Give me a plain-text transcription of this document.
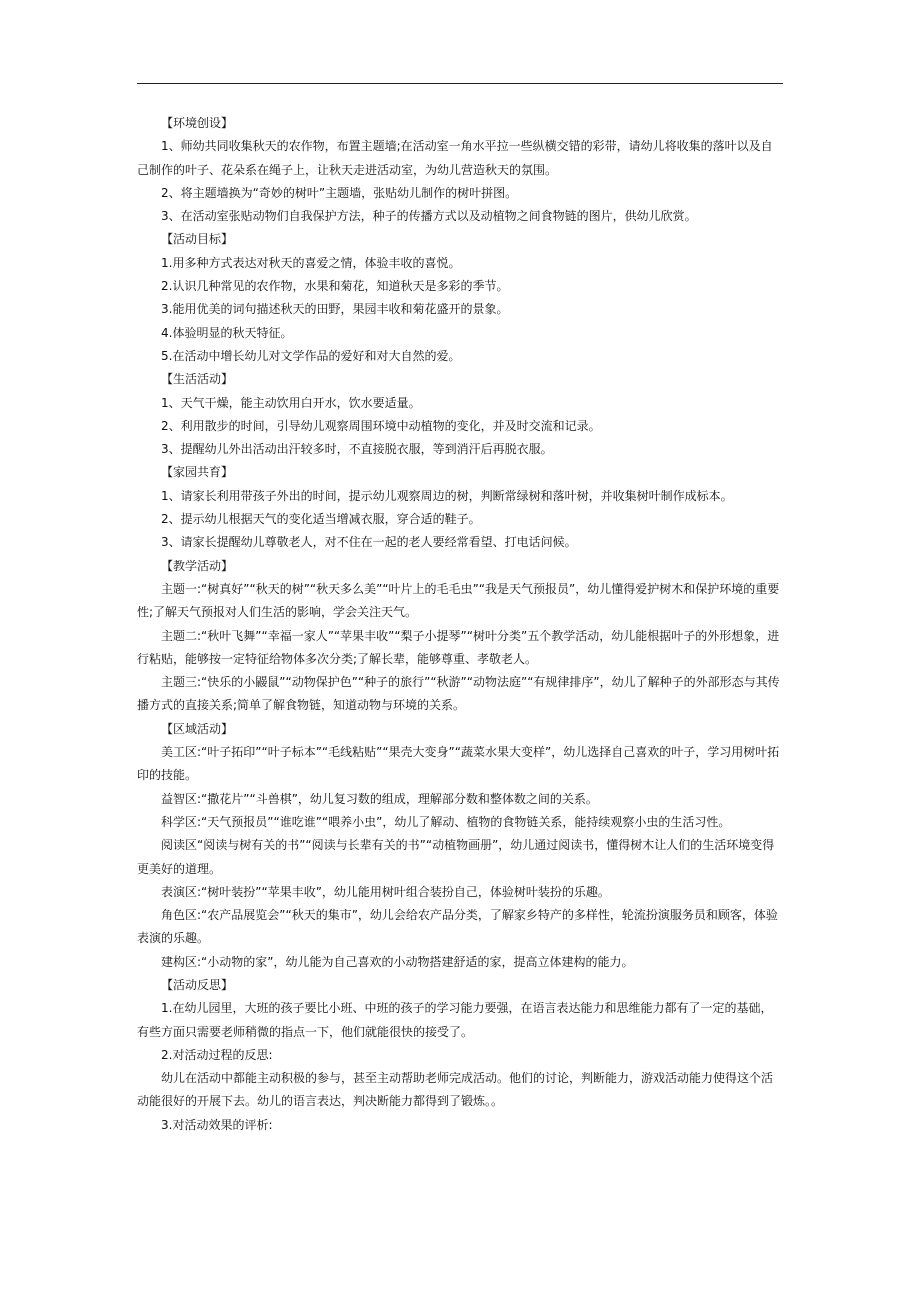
【环境创设】

1、师幼共同收集秋天的农作物，布置主题墙;在活动室一角水平拉一些纵横交错的彩带，请幼儿将收集的落叶以及自己制作的叶子、花朵系在绳子上，让秋天走进活动室，为幼儿营造秋天的氛围。

2、将主题墙换为“奇妙的树叶”主题墙，张贴幼儿制作的树叶拼图。

3、在活动室张贴动物们自我保护方法，种子的传播方式以及动植物之间食物链的图片，供幼儿欣赏。

【活动目标】

1.用多种方式表达对秋天的喜爱之情，体验丰收的喜悦。

2.认识几种常见的农作物，水果和菊花，知道秋天是多彩的季节。

3.能用优美的词句描述秋天的田野，果园丰收和菊花盛开的景象。

4.体验明显的秋天特征。

5.在活动中增长幼儿对文学作品的爱好和对大自然的爱。

【生活活动】

1、天气干燥，能主动饮用白开水，饮水要适量。

2、利用散步的时间，引导幼儿观察周围环境中动植物的变化，并及时交流和记录。

3、提醒幼儿外出活动出汗较多时，不直接脱衣服，等到消汗后再脱衣服。

【家园共育】

1、请家长利用带孩子外出的时间，提示幼儿观察周边的树，判断常绿树和落叶树，并收集树叶制作成标本。

2、提示幼儿根据天气的变化适当增减衣服，穿合适的鞋子。

3、请家长提醒幼儿尊敬老人，对不住在一起的老人要经常看望、打电话问候。

【教学活动】

主题一:“树真好”“秋天的树”“秋天多么美”“叶片上的毛毛虫”“我是天气预报员”，幼儿懂得爱护树木和保护环境的重要性;了解天气预报对人们生活的影响，学会关注天气。

主题二:“秋叶飞舞”“幸福一家人”“苹果丰收”“梨子小提琴”“树叶分类”五个教学活动，幼儿能根据叶子的外形想象，进行粘贴，能够按一定特征给物体多次分类;了解长辈，能够尊重、孝敬老人。

主题三:“快乐的小鼹鼠”“动物保护色”“种子的旅行”“秋游”“动物法庭”“有规律排序”，幼儿了解种子的外部形态与其传播方式的直接关系;简单了解食物链，知道动物与环境的关系。

【区域活动】

美工区:“叶子拓印”“叶子标本”“毛线粘贴”“果壳大变身”“蔬菜水果大变样”，幼儿选择自己喜欢的叶子，学习用树叶拓印的技能。

益智区:“撒花片”“斗兽棋”，幼儿复习数的组成，理解部分数和整体数之间的关系。

科学区:“天气预报员”“谁吃谁”“喂养小虫”，幼儿了解动、植物的食物链关系，能持续观察小虫的生活习性。

阅读区“阅读与树有关的书”“阅读与长辈有关的书”“动植物画册”，幼儿通过阅读书，懂得树木让人们的生活环境变得更美好的道理。

表演区:“树叶装扮”“苹果丰收”，幼儿能用树叶组合装扮自己，体验树叶装扮的乐趣。

角色区:“农产品展览会”“秋天的集市”，幼儿会给农产品分类，了解家乡特产的多样性，轮流扮演服务员和顾客，体验表演的乐趣。

建构区:“小动物的家”，幼儿能为自己喜欢的小动物搭建舒适的家，提高立体建构的能力。

【活动反思】

1.在幼儿园里，大班的孩子要比小班、中班的孩子的学习能力要强，在语言表达能力和思维能力都有了一定的基础，有些方面只需要老师稍微的指点一下，他们就能很快的接受了。

2.对活动过程的反思:

幼儿在活动中都能主动积极的参与，甚至主动帮助老师完成活动。他们的讨论，判断能力，游戏活动能力使得这个活动能很好的开展下去。幼儿的语言表达，判决断能力都得到了锻炼。。

3.对活动效果的评析:
